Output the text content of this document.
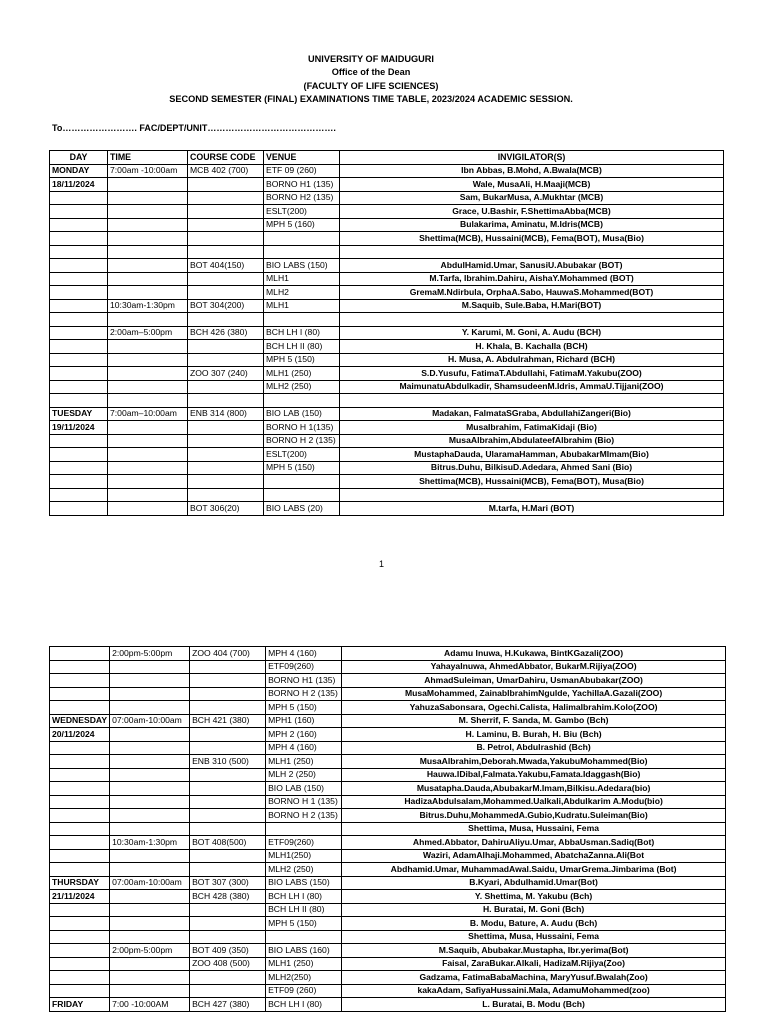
UNIVERSITY OF MAIDUGURI
Office of the Dean
(FACULTY OF LIFE SCIENCES)
SECOND SEMESTER (FINAL) EXAMINATIONS TIME TABLE, 2023/2024 ACADEMIC SESSION.
To……………………. FAC/DEPT/UNIT…………………………………….
DAY	TIME	COURSE CODE	VENUE	INVIGILATOR(S)
MONDAY	7:00am -10:00am	MCB 402 (700)	ETF 09 (260)	Ibn Abbas, B.Mohd, A.Bwala(MCB)
18/11/2024			BORNO H1 (135)	Wale, MusaAli, H.Maaji(MCB)
			BORNO H2 (135)	Sam, BukarMusa, A.Mukhtar (MCB)
			ESLT(200)	Grace, U.Bashir, F.ShettimaAbba(MCB)
			MPH 5 (160)	Bulakarima, Aminatu, M.Idris(MCB)
				Shettima(MCB), Hussaini(MCB), Fema(BOT), Musa(Bio)

		BOT 404(150)	BIO LABS (150)	AbdulHamid.Umar, SanusiU.Abubakar (BOT)
			MLH1	M.Tarfa, Ibrahim.Dahiru, AishaY.Mohammed (BOT)
			MLH2	GremaM.Ndirbula, OrphaA.Sabo, HauwaS.Mohammed(BOT)
	10:30am-1:30pm	BOT 304(200)	MLH1	M.Saquib, Sule.Baba, H.Mari(BOT)

	2:00am–5:00pm	BCH 426 (380)	BCH LH I (80)	Y. Karumi, M. Goni, A. Audu (BCH)
			BCH LH II (80)	H. Khala, B. Kachalla (BCH)
			MPH 5 (150)	H. Musa, A. Abdulrahman, Richard (BCH)
		ZOO 307 (240)	MLH1 (250)	S.D.Yusufu, FatimaT.Abdullahi, FatimaM.Yakubu(ZOO)
			MLH2 (250)	MaimunatuAbdulkadir, ShamsudeenM.Idris, AmmaU.Tijjani(ZOO)

TUESDAY	7:00am–10:00am	ENB 314 (800)	BIO LAB (150)	Madakan, FalmataSGraba, AbdullahiZangeri(Bio)
19/11/2024			BORNO H 1(135)	MusaIbrahim, FatimaKidaji (Bio)
			BORNO H 2 (135)	MusaAlbrahim,AbdulateefAlbrahim (Bio)
			ESLT(200)	MustaphaDauda, UlaramaHamman, AbubakarMImam(Bio)
			MPH 5 (150)	Bitrus.Duhu, BilkisuD.Adedara, Ahmed Sani (Bio)
				Shettima(MCB), Hussaini(MCB), Fema(BOT), Musa(Bio)

		BOT 306(20)	BIO LABS (20)	M.tarfa, H.Mari (BOT)
1
	2:00pm-5:00pm	ZOO 404 (700)	MPH 4 (160)	Adamu Inuwa, H.Kukawa, BintKGazali(ZOO)
			ETF09(260)	YahayaInuwa, AhmedAbbator, BukarM.Rijiya(ZOO)
			BORNO H1 (135)	AhmadSuleiman, UmarDahiru, UsmanAbubakar(ZOO)
			BORNO H 2 (135)	MusaMohammed, ZainabIbrahimNgulde, YachillaA.Gazali(ZOO)
			MPH 5 (150)	YahuzaSabonsara, Ogechi.Calista, HalimaIbrahim.Kolo(ZOO)
WEDNESDAY	07:00am-10:00am	BCH 421 (380)	MPH1 (160)	M. Sherrif, F. Sanda, M. Gambo (Bch)
20/11/2024			MPH 2 (160)	H. Laminu, B. Burah, H. Biu (Bch)
			MPH 4 (160)	B. Petrol, Abdulrashid (Bch)
		ENB 310 (500)	MLH1 (250)	MusaAlbrahim,Deborah.Mwada,YakubuMohammed(Bio)
			MLH 2 (250)	Hauwa.IDibal,Falmata.Yakubu,Famata.Idaggash(Bio)
			BIO LAB (150)	Musatapha.Dauda,AbubakarM.Imam,Bilkisu.Adedara(bio)
			BORNO H 1 (135)	HadizaAbdulsalam,Mohammed.Ualkali,Abdulkarim A.Modu(bio)
			BORNO H 2 (135)	Bitrus.Duhu,MohammedA.Gubio,Kudratu.Suleiman(Bio)
				Shettima, Musa, Hussaini, Fema
	10:30am-1:30pm	BOT 408(500)	ETF09(260)	Ahmed.Abbator, DahiruAliyu.Umar, AbbaUsman.Sadiq(Bot)
			MLH1(250)	Waziri, AdamAlhaji.Mohammed, AbatchaZanna.Ali(Bot
			MLH2 (250)	Abdhamid.Umar, MuhammadAwal.Saidu, UmarGrema.Jimbarima (Bot)
THURSDAY	07:00am-10:00am	BOT 307 (300)	BIO LABS (150)	B.Kyari, Abdulhamid.Umar(Bot)
21/11/2024		BCH 428 (380)	BCH LH I (80)	Y. Shettima, M. Yakubu (Bch)
			BCH LH II (80)	H. Buratai, M. Goni (Bch)
			MPH 5 (150)	B. Modu, Bature, A. Audu (Bch)
				Shettima, Musa, Hussaini, Fema
	2:00pm-5:00pm	BOT 409 (350)	BIO LABS (160)	M.Saquib, Abubakar.Mustapha, Ibr.yerima(Bot)
		ZOO 408 (500)	MLH1 (250)	Faisal, ZaraBukar.Alkali, HadizaM.Rijiya(Zoo)
			MLH2(250)	Gadzama, FatimaBabaMachina, MaryYusuf.Bwalah(Zoo)
			ETF09 (260)	kakaAdam, SafiyaHussaini.Mala, AdamuMohammed(zoo)
FRIDAY	7:00 -10:00AM	BCH 427 (380)	BCH LH I (80)	L. Buratai, B. Modu (Bch)
